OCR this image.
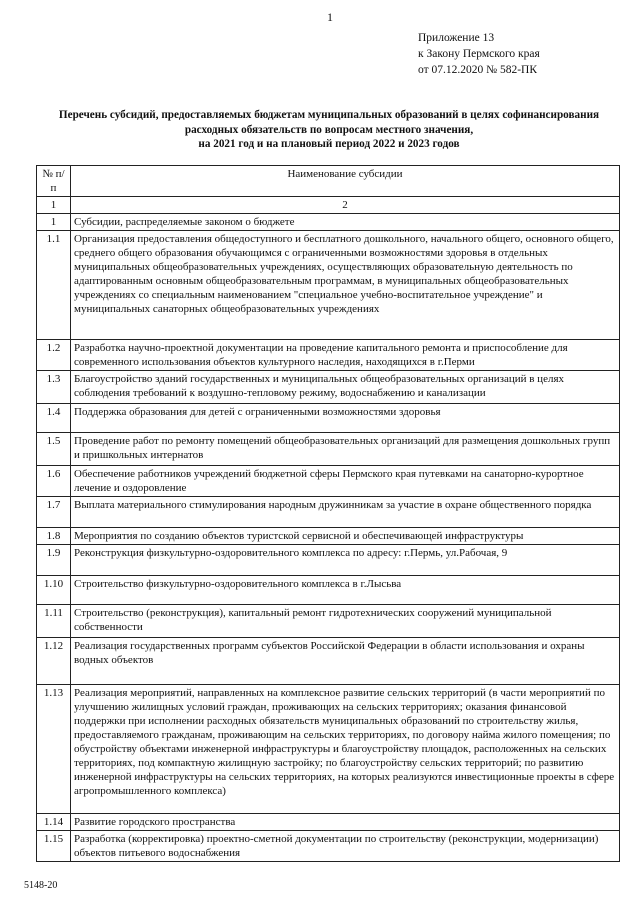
1
Приложение 13
к Закону Пермского края
от 07.12.2020 № 582-ПК
Перечень субсидий, предоставляемых бюджетам муниципальных образований в целях софинансирования
расходных обязательств по вопросам местного значения,
на 2021 год и на плановый период 2022 и 2023 годов
№ п/п	Наименование субсидии
1	2
1	Субсидии, распределяемые законом о бюджете
1.1	Организация предоставления общедоступного и бесплатного дошкольного, начального общего, основного общего, среднего общего образования обучающимся с ограниченными возможностями здоровья в отдельных муниципальных общеобразовательных учреждениях, осуществляющих образовательную деятельность по адаптированным основным общеобразовательным программам, в муниципальных общеобразовательных учреждениях со специальным наименованием "специальное учебно-воспитательное учреждение" и муниципальных санаторных общеобразовательных учреждениях
1.2	Разработка научно-проектной документации на проведение капитального ремонта и приспособление для современного использования объектов культурного наследия, находящихся в г.Перми
1.3	Благоустройство зданий государственных и муниципальных общеобразовательных организаций в целях соблюдения требований к воздушно-тепловому режиму, водоснабжению и канализации
1.4	Поддержка образования для детей с ограниченными возможностями здоровья
1.5	Проведение работ по ремонту помещений общеобразовательных организаций для размещения дошкольных групп и пришкольных интернатов
1.6	Обеспечение работников учреждений бюджетной сферы Пермского края путевками на санаторно-курортное лечение и оздоровление
1.7	Выплата материального стимулирования народным дружинникам за участие в охране общественного порядка
1.8	Мероприятия по созданию объектов туристской сервисной и обеспечивающей инфраструктуры
1.9	Реконструкция физкультурно-оздоровительного комплекса по адресу: г.Пермь, ул.Рабочая, 9
1.10	Строительство физкультурно-оздоровительного комплекса в г.Лысьва
1.11	Строительство (реконструкция), капитальный ремонт гидротехнических сооружений муниципальной собственности
1.12	Реализация государственных программ субъектов Российской Федерации в области использования и охраны водных объектов
1.13	Реализация мероприятий, направленных на комплексное развитие сельских территорий (в части мероприятий по улучшению жилищных условий граждан, проживающих на сельских территориях; оказания финансовой поддержки при исполнении расходных обязательств муниципальных образований по строительству жилья, предоставляемого гражданам, проживающим на сельских территориях, по договору найма жилого помещения; по обустройству объектами инженерной инфраструктуры и благоустройству площадок, расположенных на сельских территориях, под компактную жилищную застройку; по благоустройству сельских территорий; по развитию инженерной инфраструктуры на сельских территориях, на которых реализуются инвестиционные проекты в сфере агропромышленного комплекса)
1.14	Развитие городского пространства
1.15	Разработка (корректировка) проектно-сметной документации по строительству (реконструкции, модернизации) объектов питьевого водоснабжения
5148-20
